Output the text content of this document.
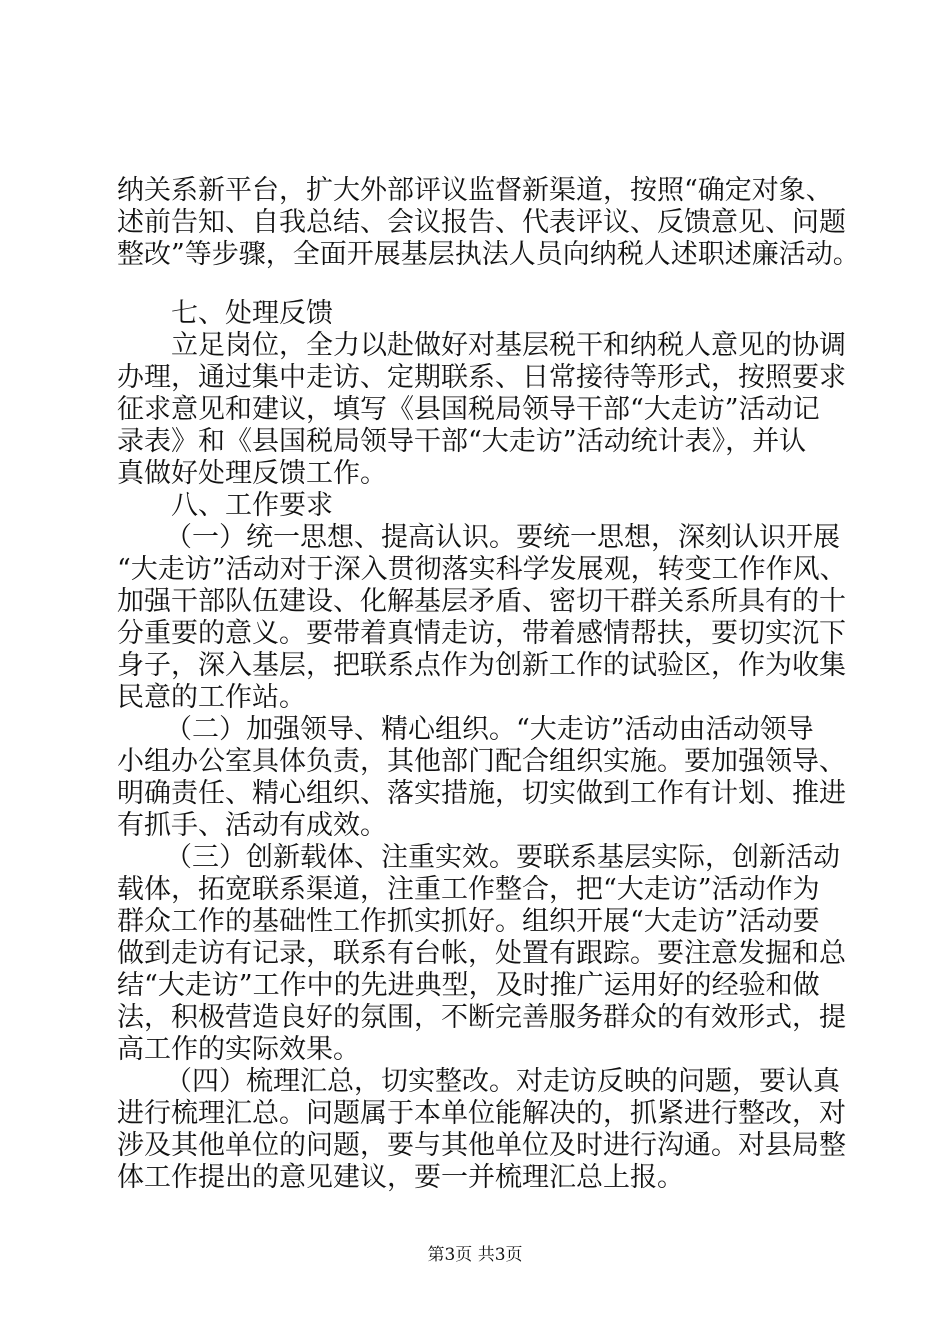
纳关系新平台，扩大外部评议监督新渠道，按照“确定对象、
述前告知、自我总结、会议报告、代表评议、反馈意见、问题
整改”等步骤，全面开展基层执法人员向纳税人述职述廉活动。
七、处理反馈
立足岗位，全力以赴做好对基层税干和纳税人意见的协调
办理，通过集中走访、定期联系、日常接待等形式，按照要求
征求意见和建议，填写《县国税局领导干部“大走访”活动记
录表》和《县国税局领导干部“大走访”活动统计表》，并认
真做好处理反馈工作。
八、工作要求
（一）统一思想、提高认识。要统一思想，深刻认识开展
“大走访”活动对于深入贯彻落实科学发展观，转变工作作风、
加强干部队伍建设、化解基层矛盾、密切干群关系所具有的十
分重要的意义。要带着真情走访，带着感情帮扶，要切实沉下
身子，深入基层，把联系点作为创新工作的试验区，作为收集
民意的工作站。
（二）加强领导、精心组织。“大走访”活动由活动领导
小组办公室具体负责，其他部门配合组织实施。要加强领导、
明确责任、精心组织、落实措施，切实做到工作有计划、推进
有抓手、活动有成效。
（三）创新载体、注重实效。要联系基层实际，创新活动
载体，拓宽联系渠道，注重工作整合，把“大走访”活动作为
群众工作的基础性工作抓实抓好。组织开展“大走访”活动要
做到走访有记录，联系有台帐，处置有跟踪。要注意发掘和总
结“大走访”工作中的先进典型，及时推广运用好的经验和做
法，积极营造良好的氛围，不断完善服务群众的有效形式，提
高工作的实际效果。
（四）梳理汇总，切实整改。对走访反映的问题，要认真
进行梳理汇总。问题属于本单位能解决的，抓紧进行整改，对
涉及其他单位的问题，要与其他单位及时进行沟通。对县局整
体工作提出的意见建议，要一并梳理汇总上报。
第3页 共3页
